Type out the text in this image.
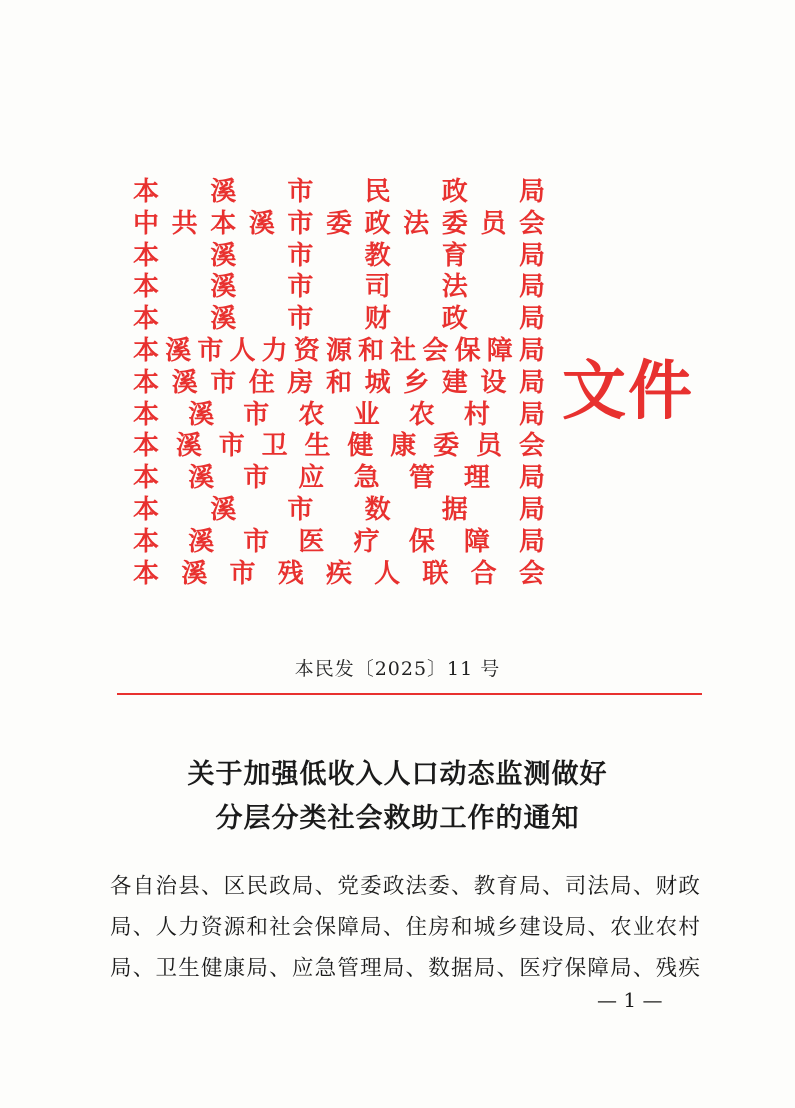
本 溪 市 民 政 局
中 共 本 溪 市 委 政 法 委 员 会
本 溪 市 教 育 局
本 溪 市 司 法 局
本 溪 市 财 政 局
本 溪 市 人 力 资 源 和 社 会 保 障 局
本 溪 市 住 房 和 城 乡 建 设 局
本 溪 市 农 业 农 村 局
本 溪 市 卫 生 健 康 委 员 会
本 溪 市 应 急 管 理 局
本 溪 市 数 据 局
本 溪 市 医 疗 保 障 局
本 溪 市 残 疾 人 联 合 会
文件
本民发〔2025〕11 号
关于加强低收入人口动态监测做好
分层分类社会救助工作的通知
各 自 治 县 、 区 民 政 局 、 党 委 政 法 委 、 教 育 局 、 司 法 局 、 财 政
局 、 人 力 资 源 和 社 会 保 障 局 、 住 房 和 城 乡 建 设 局 、 农 业 农 村
局 、 卫 生 健 康 局 、 应 急 管 理 局 、 数 据 局 、 医 疗 保 障 局 、 残 疾
— 1 —
